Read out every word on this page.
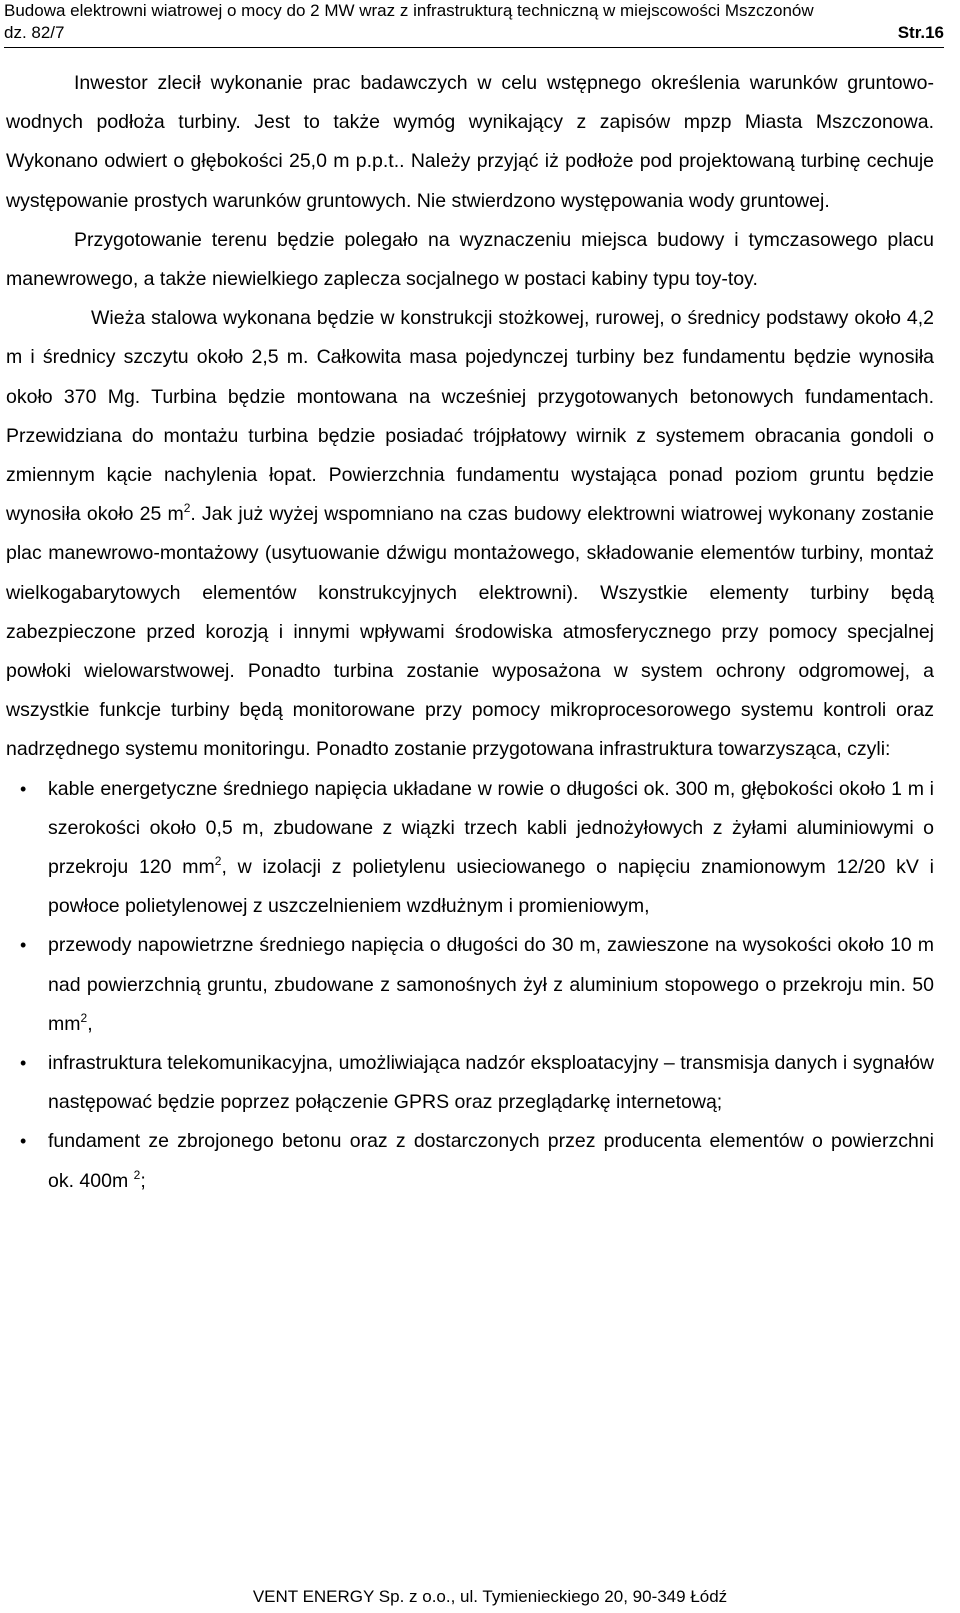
Budowa elektrowni wiatrowej o mocy do 2 MW wraz z infrastrukturą techniczną w miejscowości Mszczonów
dz. 82/7	Str.16

Inwestor zlecił wykonanie prac badawczych w celu wstępnego określenia warunków gruntowo- wodnych podłoża turbiny. Jest to także wymóg wynikający z zapisów mpzp Miasta Mszczonowa. Wykonano odwiert o głębokości 25,0 m p.p.t.. Należy przyjąć iż podłoże pod projektowaną turbinę cechuje występowanie prostych warunków gruntowych. Nie stwierdzono występowania wody gruntowej.

Przygotowanie terenu będzie polegało na wyznaczeniu miejsca budowy i tymczasowego placu manewrowego, a także niewielkiego zaplecza socjalnego w postaci kabiny typu toy-toy.

Wieża stalowa wykonana będzie w konstrukcji stożkowej, rurowej, o średnicy podstawy około 4,2 m i średnicy szczytu około 2,5 m. Całkowita masa pojedynczej turbiny bez fundamentu będzie wynosiła około 370 Mg. Turbina będzie montowana na wcześniej przygotowanych betonowych fundamentach. Przewidziana do montażu turbina będzie posiadać trójpłatowy wirnik z systemem obracania gondoli o zmiennym kącie nachylenia łopat. Powierzchnia fundamentu wystająca ponad poziom gruntu będzie wynosiła około 25 $m^2$. Jak już wyżej wspomniano na czas budowy elektrowni wiatrowej wykonany zostanie plac manewrowo-montażowy (usytuowanie dźwigu montażowego, składowanie elementów turbiny, montaż wielkogabarytowych elementów konstrukcyjnych elektrowni). Wszystkie elementy turbiny będą zabezpieczone przed korozją i innymi wpływami środowiska atmosferycznego przy pomocy specjalnej powłoki wielowarstwowej. Ponadto turbina zostanie wyposażona w system ochrony odgromowej, a wszystkie funkcje turbiny będą monitorowane przy pomocy mikroprocesorowego systemu kontroli oraz nadrzędnego systemu monitoringu. Ponadto zostanie przygotowana infrastruktura towarzysząca, czyli:

• kable energetyczne średniego napięcia układane w rowie o długości ok. 300 m, głębokości około 1 m i szerokości około 0,5 m, zbudowane z wiązki trzech kabli jednożyłowych z żyłami aluminiowymi o przekroju 120 $mm^2$, w izolacji z polietylenu usieciowanego o napięciu znamionowym 12/20 kV i powłoce polietylenowej z uszczelnieniem wzdłużnym i promieniowym,
• przewody napowietrzne średniego napięcia o długości do 30 m, zawieszone na wysokości około 10 m nad powierzchnią gruntu, zbudowane z samonośnych żył z aluminium stopowego o przekroju min. 50 $mm^2$,
• infrastruktura telekomunikacyjna, umożliwiająca nadzór eksploatacyjny – transmisja danych i sygnałów następować będzie poprzez połączenie GPRS oraz przeglądarkę internetową;
• fundament ze zbrojonego betonu oraz z dostarczonych przez producenta elementów o powierzchni ok. 400m $^2$;
VENT ENERGY Sp. z o.o., ul. Tymienieckiego 20, 90-349 Łódź
